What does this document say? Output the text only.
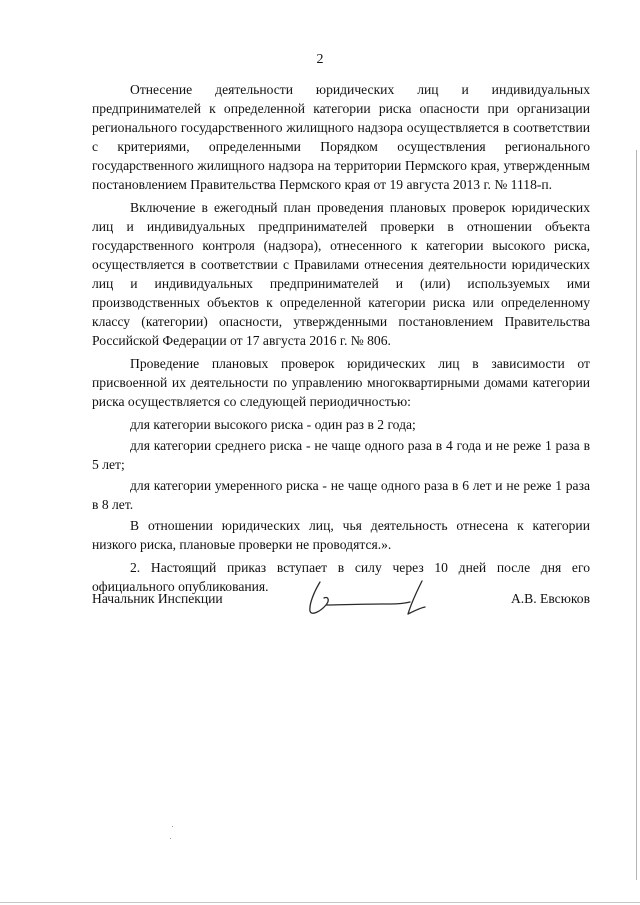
2

Отнесение деятельности юридических лиц и индивидуальных предпринимателей к определенной категории риска опасности при организации регионального государственного жилищного надзора осуществляется в соответствии с критериями, определенными Порядком осуществления регионального государственного жилищного надзора на территории Пермского края, утвержденным постановлением Правительства Пермского края от 19 августа 2013 г. № 1118-п.

Включение в ежегодный план проведения плановых проверок юридических лиц и индивидуальных предпринимателей проверки в отношении объекта государственного контроля (надзора), отнесенного к категории высокого риска, осуществляется в соответствии с Правилами отнесения деятельности юридических лиц и индивидуальных предпринимателей и (или) используемых ими производственных объектов к определенной категории риска или определенному классу (категории) опасности, утвержденными постановлением Правительства Российской Федерации от 17 августа 2016 г. № 806.

Проведение плановых проверок юридических лиц в зависимости от присвоенной их деятельности по управлению многоквартирными домами категории риска осуществляется со следующей периодичностью:

для категории высокого риска - один раз в 2 года;

для категории среднего риска - не чаще одного раза в 4 года и не реже 1 раза в 5 лет;

для категории умеренного риска - не чаще одного раза в 6 лет и не реже 1 раза в 8 лет.

В отношении юридических лиц, чья деятельность отнесена к категории низкого риска, плановые проверки не проводятся.».

2. Настоящий приказ вступает в силу через 10 дней после дня его официального опубликования.

Начальник Инспекции	А.В. Евсюков
